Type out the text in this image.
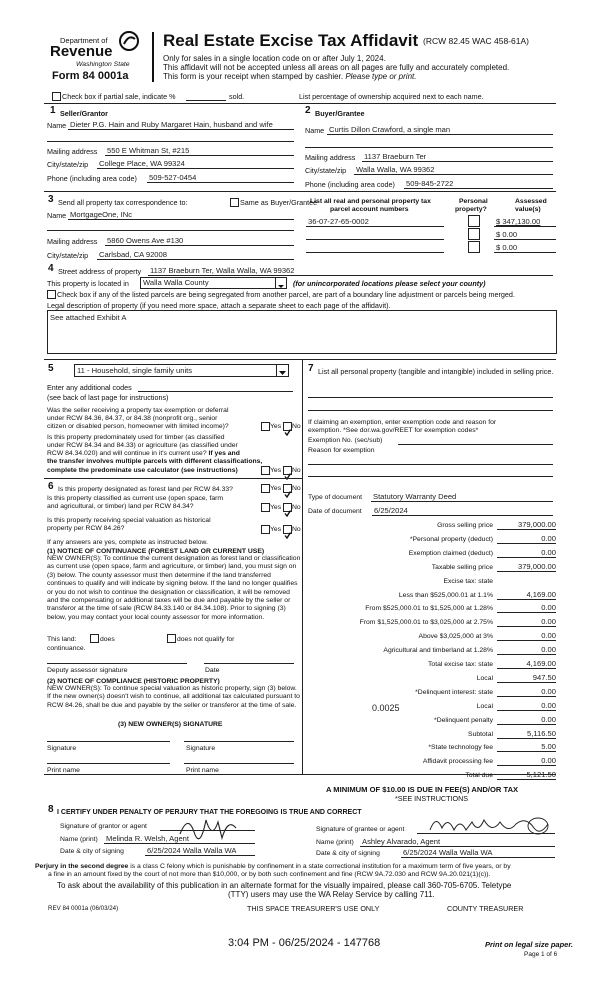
Department of
Revenue
Washington State
Form 84 0001a
Real Estate Excise Tax Affidavit (RCW 82.45 WAC 458-61A)
Only for sales in a single location code on or after July 1, 2024.
This affidavit will not be accepted unless all areas on all pages are fully and accurately completed.
This form is your receipt when stamped by cashier. Please type or print.
Check box if partial sale, indicate %	sold.	List percentage of ownership acquired next to each name.
1 Seller/Grantor
Name Dieter P.G. Hain and Ruby Margaret Hain, husband and wife
Mailing address 550 E Whitman St, #215
City/state/zip College Place, WA 99324
Phone (including area code) 509-527-0454
2 Buyer/Grantee
Name Curtis Dillon Crawford, a single man
Mailing address 1137 Braeburn Ter
City/state/zip Walla Walla, WA 99362
Phone (including area code) 509-845-2722
3 Send all property tax correspondence to:	Same as Buyer/Grantee
Name MortgageOne, INc
Mailing address 5860 Owens Ave #130
City/state/zip Carlsbad, CA 92008
List all real and personal property tax
parcel account numbers
Personal
property?
Assessed
value(s)
36-07-27-65-0002	$ 347,130.00
$ 0.00
$ 0.00
4 Street address of property 1137 Braeburn Ter, Walla Walla, WA 99362
This property is located in Walla Walla County	(for unincorporated locations please select your county)
Check box if any of the listed parcels are being segregated from another parcel, are part of a boundary line adjustment or parcels being merged.
Legal description of property (if you need more space, attach a separate sheet to each page of the affidavit).
See attached Exhibit A
5	11 - Household, single family units
Enter any additional codes
(see back of last page for instructions)
Was the seller receiving a property tax exemption or deferral
under RCW 84.36, 84.37, or 84.38 (nonprofit org., senior
citizen or disabled person, homeowner with limited income)?	Yes No
Is this property predominately used for timber (as classified
under RCW 84.34 and 84.33) or agriculture (as classified under
RCW 84.34.020) and will continue in it's current use? If yes and
the transfer involves multiple parcels with different classifications,
complete the predominate use calculator (see instructions)	Yes No
6 Is this property designated as forest land per RCW 84.33?	Yes No
Is this property classified as current use (open space, farm
and agricultural, or timber) land per RCW 84.34?	Yes No
Is this property receiving special valuation as historical
property per RCW 84.26?	Yes No
If any answers are yes, complete as instructed below.
(1) NOTICE OF CONTINUANCE (FOREST LAND OR CURRENT USE)
NEW OWNER(S): To continue the current designation as forest land or classification as current use (open space, farm and agriculture, or timber) land, you must sign on (3) below. The county assessor must then determine if the land transferred continues to qualify and will indicate by signing below. If the land no longer qualifies or you do not wish to continue the designation or classification, it will be removed and the compensating or additional taxes will be due and payable by the seller or transferor at the time of sale (RCW 84.33.140 or 84.34.108). Prior to signing (3) below, you may contact your local county assessor for more information.
This land:	does	does not qualify for
continuance.
Deputy assessor signature	Date
(2) NOTICE OF COMPLIANCE (HISTORIC PROPERTY)
NEW OWNER(S): To continue special valuation as historic property, sign (3) below. If the new owner(s) doesn't wish to continue, all additional tax calculated pursuant to RCW 84.26, shall be due and payable by the seller or transferor at the time of sale.
(3) NEW OWNER(S) SIGNATURE
Signature	Signature
Print name	Print name
7 List all personal property (tangible and intangible) included in selling price.
If claiming an exemption, enter exemption code and reason for
exemption. *See dor.wa.gov/REET for exemption codes*
Exemption No. (sec/sub)
Reason for exemption
Type of document Statutory Warranty Deed
Date of document 6/25/2024
Gross selling price	379,000.00
*Personal property (deduct)	0.00
Exemption claimed (deduct)	0.00
Taxable selling price	379,000.00
Excise tax: state
Less than $525,000.01 at 1.1%	4,169.00
From $525,000.01 to $1,525,000 at 1.28%	0.00
From $1,525,000.01 to $3,025,000 at 2.75%	0.00
Above $3,025,000 at 3%	0.00
Agricultural and timberland at 1.28%	0.00
Total excise tax: state	4,169.00
Local	947.50
*Delinquent interest: state	0.00
Local	0.00
*Delinquent penalty	0.00
Subtotal	5,116.50
*State technology fee	5.00
Affidavit processing fee	0.00
Total due	5,121.50
0.0025
A MINIMUM OF $10.00 IS DUE IN FEE(S) AND/OR TAX
*SEE INSTRUCTIONS
8 I CERTIFY UNDER PENALTY OF PERJURY THAT THE FOREGOING IS TRUE AND CORRECT
Signature of grantor or agent
Name (print) Melinda R. Welsh, Agent
Date & city of signing	6/25/2024 Walla Walla WA
Signature of grantee or agent
Name (print) Ashley Alvarado, Agent
Date & city of signing	6/25/2024 Walla Walla WA
Perjury in the second degree is a class C felony which is punishable by confinement in a state correctional institution for a maximum term of five years, or by
a fine in an amount fixed by the court of not more than $10,000, or by both such confinement and fine (RCW 9A.72.030 and RCW 9A.20.021(1)(c)).
To ask about the availability of this publication in an alternate format for the visually impaired, please call 360-705-6705. Teletype
(TTY) users may use the WA Relay Service by calling 711.
REV 84 0001a (06/03/24)	THIS SPACE TREASURER'S USE ONLY	COUNTY TREASURER
3:04 PM - 06/25/2024 - 147768	Print on legal size paper.
Page 1 of 6
